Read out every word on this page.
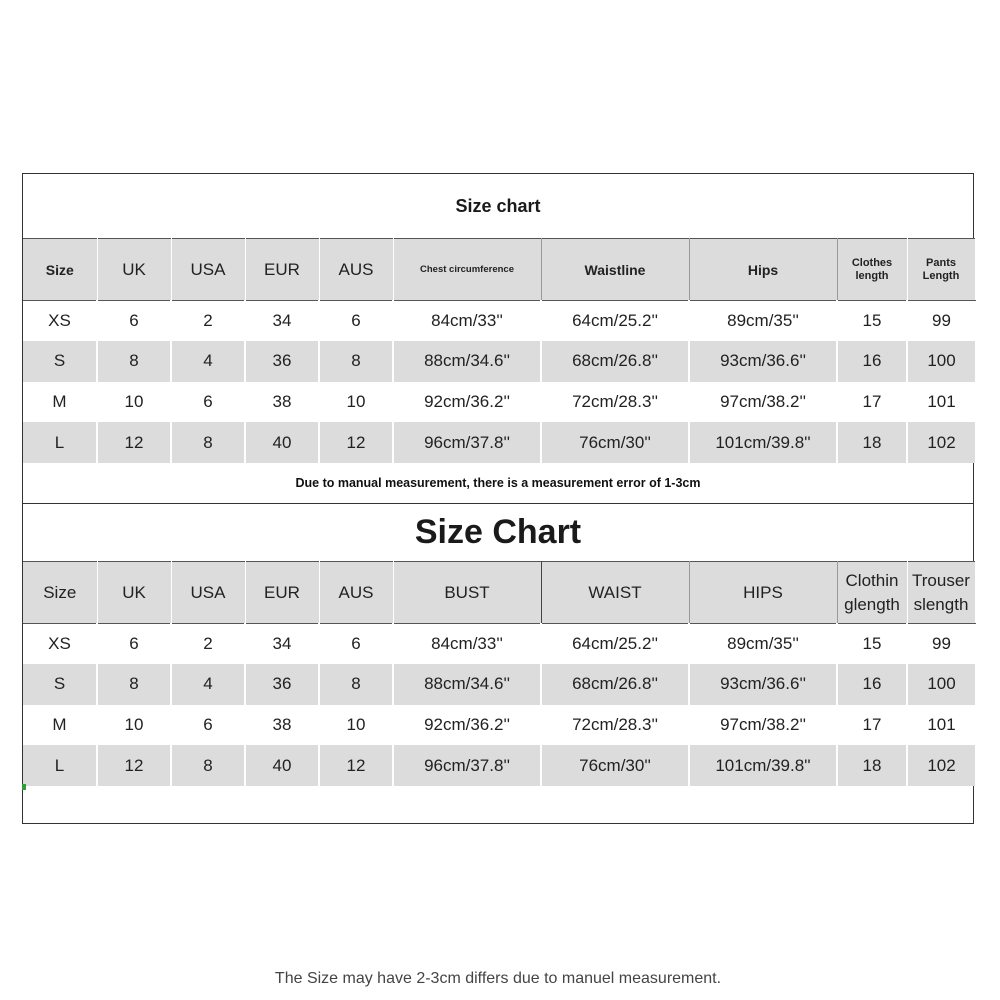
Size chart
Size	UK	USA	EUR	AUS	Chest circumference	Waistline	Hips	Clothes length	Pants Length
XS	6	2	34	6	84cm/33''	64cm/25.2''	89cm/35''	15	99
S	8	4	36	8	88cm/34.6''	68cm/26.8''	93cm/36.6''	16	100
M	10	6	38	10	92cm/36.2''	72cm/28.3''	97cm/38.2''	17	101
L	12	8	40	12	96cm/37.8''	76cm/30''	101cm/39.8''	18	102
Due to manual measurement, there is a measurement error of 1-3cm
Size Chart
Size	UK	USA	EUR	AUS	BUST	WAIST	HIPS	Clothin glength	Trouser slength
XS	6	2	34	6	84cm/33''	64cm/25.2''	89cm/35''	15	99
S	8	4	36	8	88cm/34.6''	68cm/26.8''	93cm/36.6''	16	100
M	10	6	38	10	92cm/36.2''	72cm/28.3''	97cm/38.2''	17	101
L	12	8	40	12	96cm/37.8''	76cm/30''	101cm/39.8''	18	102
The Size may have 2-3cm differs due to manuel measurement.
